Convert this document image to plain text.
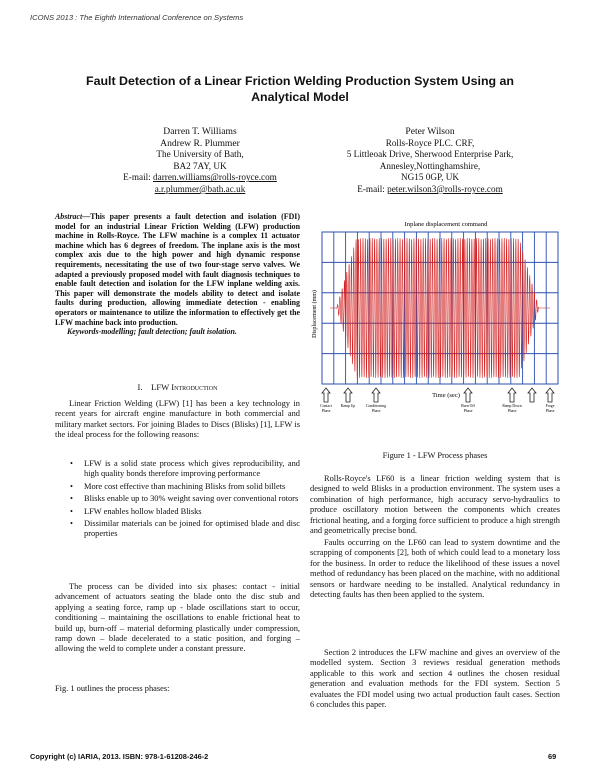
ICONS 2013 : The Eighth International Conference on Systems
Fault Detection of a Linear Friction Welding Production System Using an Analytical Model
Darren T. Williams
Andrew R. Plummer
The University of Bath,
BA2 7AY, UK
E-mail: darren.williams@rolls-royce.com
a.r.plummer@bath.ac.uk
Peter Wilson
Rolls-Royce PLC. CRF,
5 Littleoak Drive, Sherwood Enterprise Park,
Annesley,Nottinghamshire,
NG15 0GP, UK
E-mail: peter.wilson3@rolls-royce.com
Abstract—This paper presents a fault detection and isolation (FDI) model for an industrial Linear Friction Welding (LFW) production machine in Rolls-Royce. The LFW machine is a complex 11 actuator machine which has 6 degrees of freedom. The inplane axis is the most complex axis due to the high power and high dynamic response requirements, necessitating the use of two four-stage servo valves. We adapted a previously proposed model with fault diagnosis techniques to enable fault detection and isolation for the LFW inplane welding axis. This paper will demonstrate the models ability to detect and isolate faults during production, allowing immediate detection - enabling operators or maintenance to utilize the information to effectively get the LFW machine back into production.
Keywords-modelling; fault detection; fault isolation.
I. LFW Introduction
Linear Friction Welding (LFW) [1] has been a key technology in recent years for aircraft engine manufacture in both commercial and military market sectors. For joining Blades to Discs (Blisks) [1], LFW is the ideal process for the following reasons:
• LFW is a solid state process which gives reproducibility, and high quality bonds therefore improving performance
• More cost effective than machining Blisks from solid billets
• Blisks enable up to 30% weight saving over conventional rotors
• LFW enables hollow bladed Blisks
• Dissimilar materials can be joined for optimised blade and disc properties
The process can be divided into six phases: contact - initial advancement of actuators seating the blade onto the disc stub and applying a seating force, ramp up - blade oscillations start to occur, conditioning – maintaining the oscillations to enable frictional heat to build up, burn-off – material deforming plastically under compression, ramp down – blade decelerated to a static position, and forging – allowing the weld to complete under a constant pressure.
Fig. 1 outlines the process phases:
Inplane displacement command
Displacement (mm)
Time (sec)
Contact
Phase
Ramp Up	Conditioning
Phase
Burn Off
Phase
Ramp Down
Phase
Forge
Phase
Figure 1 - LFW Process phases
Rolls-Royce's LF60 is a linear friction welding system that is designed to weld Blisks in a production environment. The system uses a combination of high performance, high accuracy servo-hydraulics to produce oscillatory motion between the components which creates frictional heating, and a forging force sufficient to produce a high strength and geometrically precise bond.
Faults occurring on the LF60 can lead to system downtime and the scrapping of components [2], both of which could lead to a monetary loss for the business. In order to reduce the likelihood of these issues a novel method of redundancy has been placed on the machine, with no additional sensors or hardware needing to be installed. Analytical redundancy in detecting faults has then been applied to the system.
Section 2 introduces the LFW machine and gives an overview of the modelled system. Section 3 reviews residual generation methods applicable to this work and section 4 outlines the chosen residual generation and evaluation methods for the FDI system. Section 5 evaluates the FDI model using two actual production fault cases. Section 6 concludes this paper.
Copyright (c) IARIA, 2013. ISBN: 978-1-61208-246-2	69
